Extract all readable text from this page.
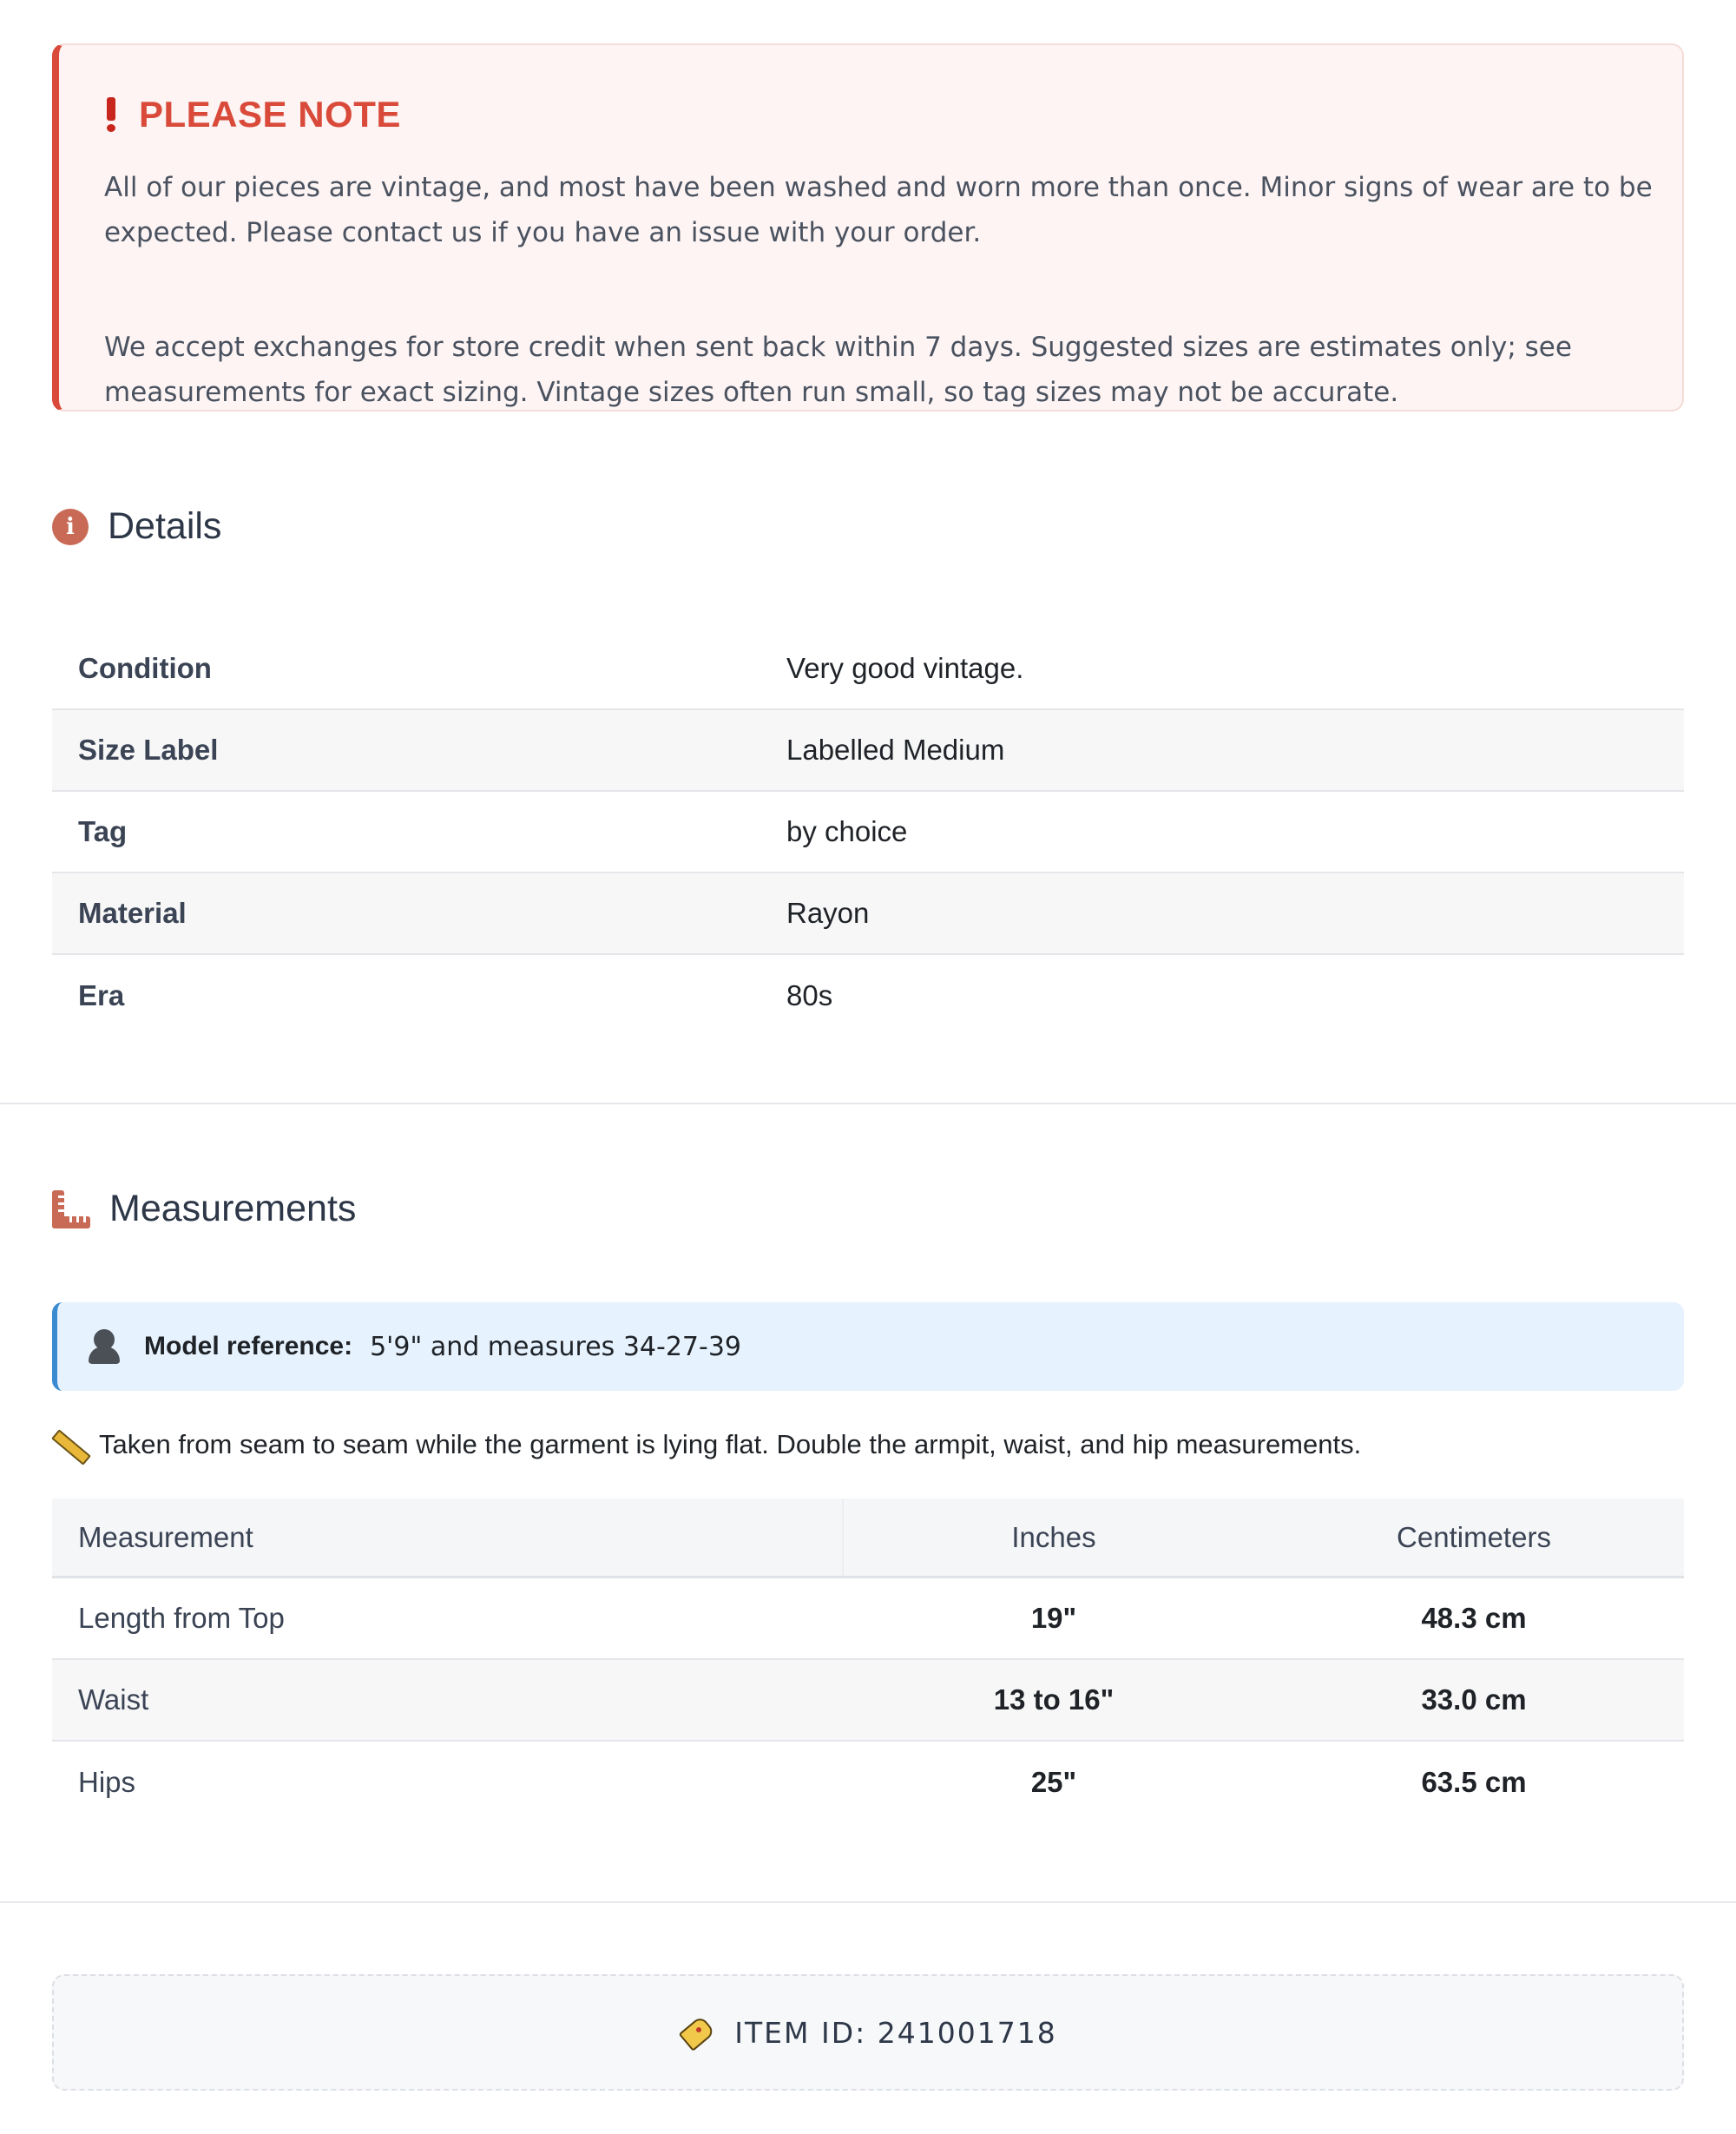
PLEASE NOTE

All of our pieces are vintage, and most have been washed and worn more than once. Minor signs of wear are to be expected. Please contact us if you have an issue with your order.

We accept exchanges for store credit when sent back within 7 days. Suggested sizes are estimates only; see measurements for exact sizing. Vintage sizes often run small, so tag sizes may not be accurate.

i Details
Condition	Very good vintage.
Size Label	Labelled Medium
Tag	by choice
Material	Rayon
Era	80s
Measurements
Model reference: 5'9" and measures 34-27-39
Taken from seam to seam while the garment is lying flat. Double the armpit, waist, and hip measurements.
Measurement	Inches	Centimeters
Length from Top	19"	48.3 cm
Waist	13 to 16"	33.0 cm
Hips	25"	63.5 cm
ITEM ID: 241001718
